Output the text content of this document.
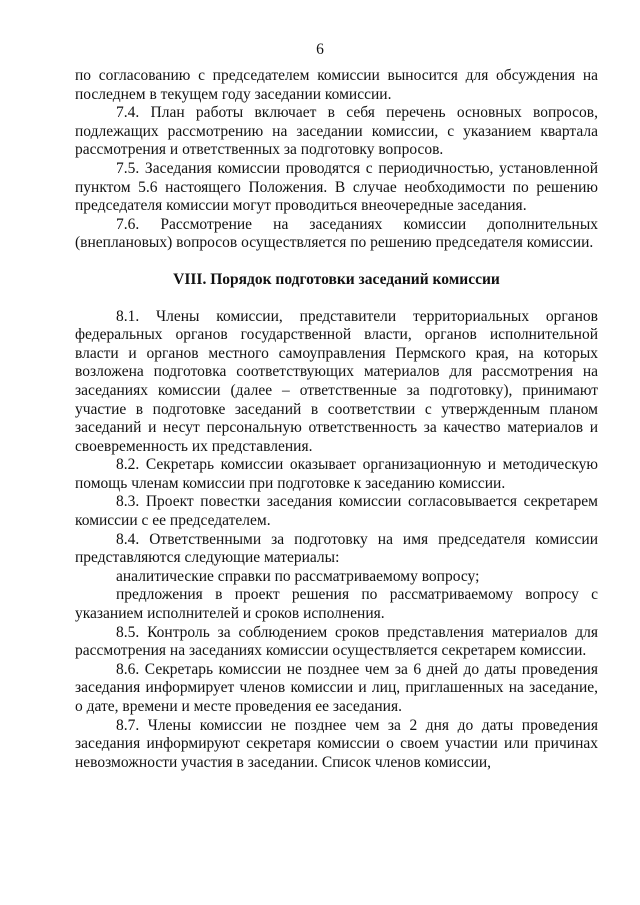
6

по согласованию с председателем комиссии выносится для обсуждения на последнем в текущем году заседании комиссии.

7.4. План работы включает в себя перечень основных вопросов, подлежащих рассмотрению на заседании комиссии, с указанием квартала рассмотрения и ответственных за подготовку вопросов.

7.5. Заседания комиссии проводятся с периодичностью, установленной пунктом 5.6 настоящего Положения. В случае необходимости по решению председателя комиссии могут проводиться внеочередные заседания.

7.6. Рассмотрение на заседаниях комиссии дополнительных (внеплановых) вопросов осуществляется по решению председателя комиссии.

VIII. Порядок подготовки заседаний комиссии

8.1. Члены комиссии, представители территориальных органов федеральных органов государственной власти, органов исполнительной власти и органов местного самоуправления Пермского края, на которых возложена подготовка соответствующих материалов для рассмотрения на заседаниях комиссии (далее – ответственные за подготовку), принимают участие в подготовке заседаний в соответствии с утвержденным планом заседаний и несут персональную ответственность за качество материалов и своевременность их представления.

8.2. Секретарь комиссии оказывает организационную и методическую помощь членам комиссии при подготовке к заседанию комиссии.

8.3. Проект повестки заседания комиссии согласовывается секретарем комиссии с ее председателем.

8.4. Ответственными за подготовку на имя председателя комиссии представляются следующие материалы:

аналитические справки по рассматриваемому вопросу;

предложения в проект решения по рассматриваемому вопросу с указанием исполнителей и сроков исполнения.

8.5. Контроль за соблюдением сроков представления материалов для рассмотрения на заседаниях комиссии осуществляется секретарем комиссии.

8.6. Секретарь комиссии не позднее чем за 6 дней до даты проведения заседания информирует членов комиссии и лиц, приглашенных на заседание, о дате, времени и месте проведения ее заседания.

8.7. Члены комиссии не позднее чем за 2 дня до даты проведения заседания информируют секретаря комиссии о своем участии или причинах невозможности участия в заседании. Список членов комиссии,
